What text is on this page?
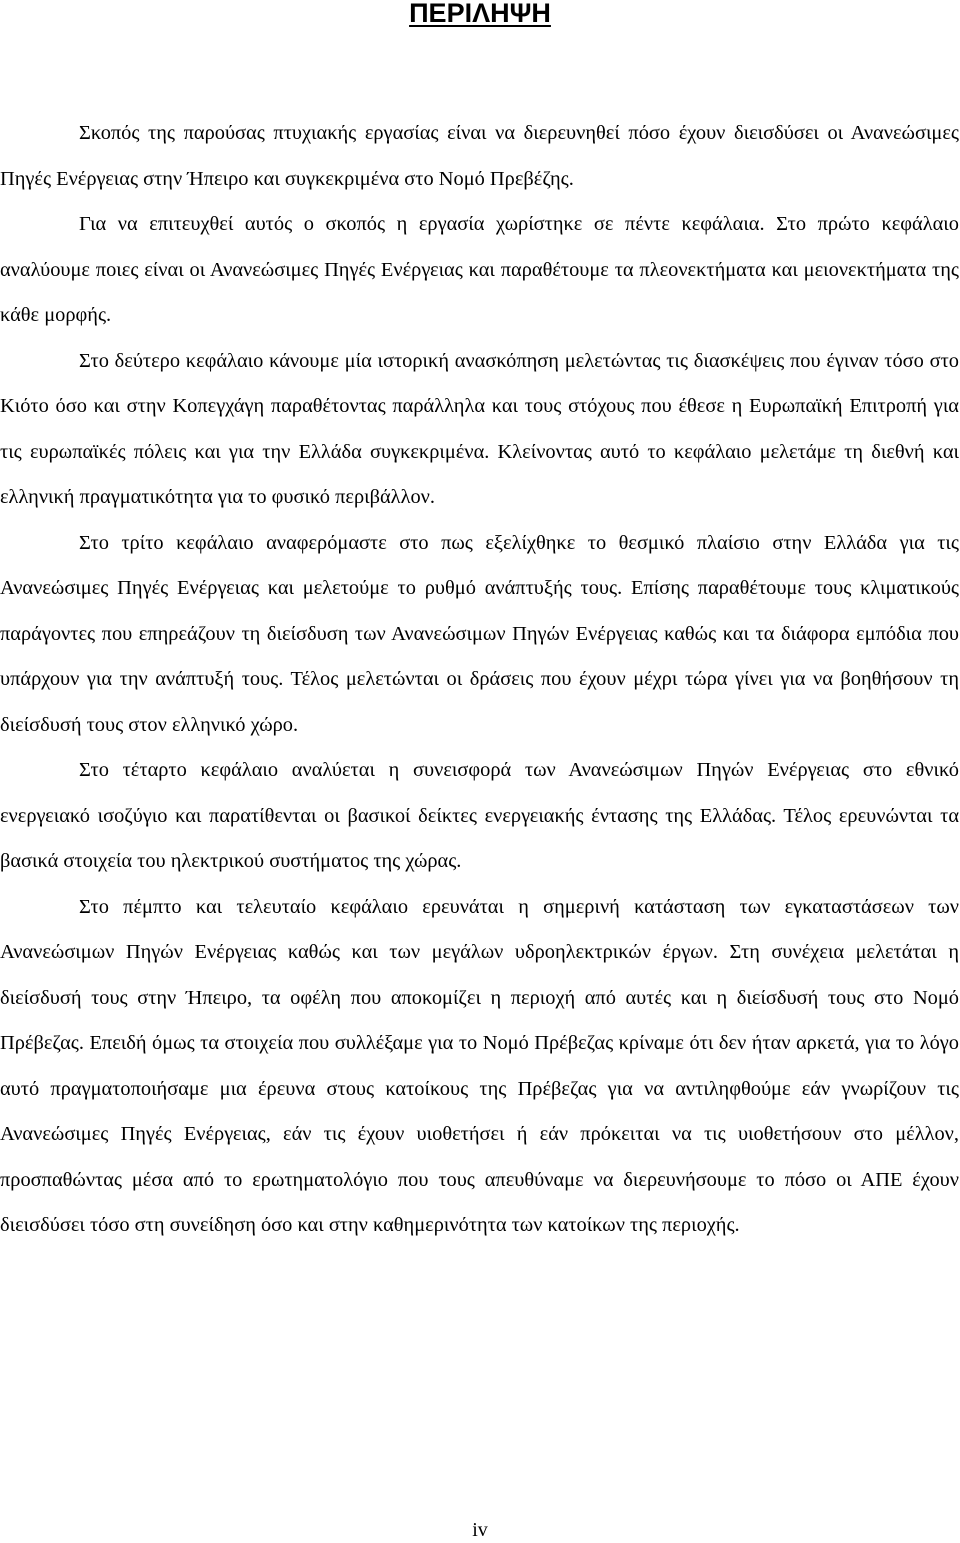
ΠΕΡΙΛΗΨΗ

Σκοπός της παρούσας πτυχιακής εργασίας είναι να διερευνηθεί πόσο έχουν διεισδύσει οι Ανανεώσιμες Πηγές Ενέργειας στην Ήπειρο και συγκεκριμένα στο Νομό Πρεβέζης.

Για να επιτευχθεί αυτός ο σκοπός η εργασία χωρίστηκε σε πέντε κεφάλαια. Στο πρώτο κεφάλαιο αναλύουμε ποιες είναι οι Ανανεώσιμες Πηγές Ενέργειας και παραθέτουμε τα πλεονεκτήματα και μειονεκτήματα της κάθε μορφής.

Στο δεύτερο κεφάλαιο κάνουμε μία ιστορική ανασκόπηση μελετώντας τις διασκέψεις που έγιναν τόσο στο Κιότο όσο και στην Κοπεγχάγη παραθέτοντας παράλληλα και τους στόχους που έθεσε η Ευρωπαϊκή Επιτροπή για τις ευρωπαϊκές πόλεις και για την Ελλάδα συγκεκριμένα. Κλείνοντας αυτό το κεφάλαιο μελετάμε τη διεθνή και ελληνική πραγματικότητα για το φυσικό περιβάλλον.

Στο τρίτο κεφάλαιο αναφερόμαστε στο πως εξελίχθηκε το θεσμικό πλαίσιο στην Ελλάδα για τις Ανανεώσιμες Πηγές Ενέργειας και μελετούμε το ρυθμό ανάπτυξής τους. Επίσης παραθέτουμε τους κλιματικούς παράγοντες που επηρεάζουν τη διείσδυση των Ανανεώσιμων Πηγών Ενέργειας καθώς και τα διάφορα εμπόδια που υπάρχουν για την ανάπτυξή τους. Τέλος μελετώνται οι δράσεις που έχουν μέχρι τώρα γίνει για να βοηθήσουν τη διείσδυσή τους στον ελληνικό χώρο.

Στο τέταρτο κεφάλαιο αναλύεται η συνεισφορά των Ανανεώσιμων Πηγών Ενέργειας στο εθνικό ενεργειακό ισοζύγιο και παρατίθενται οι βασικοί δείκτες ενεργειακής έντασης της Ελλάδας. Τέλος ερευνώνται τα βασικά στοιχεία του ηλεκτρικού συστήματος της χώρας.

Στο πέμπτο και τελευταίο κεφάλαιο ερευνάται η σημερινή κατάσταση των εγκαταστάσεων των Ανανεώσιμων Πηγών Ενέργειας καθώς και των μεγάλων υδροηλεκτρικών έργων. Στη συνέχεια μελετάται η διείσδυσή τους στην Ήπειρο, τα οφέλη που αποκομίζει η περιοχή από αυτές και η διείσδυσή τους στο Νομό Πρέβεζας. Επειδή όμως τα στοιχεία που συλλέξαμε για το Νομό Πρέβεζας κρίναμε ότι δεν ήταν αρκετά, για το λόγο αυτό πραγματοποιήσαμε μια έρευνα στους κατοίκους της Πρέβεζας για να αντιληφθούμε εάν γνωρίζουν τις Ανανεώσιμες Πηγές Ενέργειας, εάν τις έχουν υιοθετήσει ή εάν πρόκειται να τις υιοθετήσουν στο μέλλον, προσπαθώντας μέσα από το ερωτηματολόγιο που τους απευθύναμε να διερευνήσουμε το πόσο οι ΑΠΕ έχουν διεισδύσει τόσο στη συνείδηση όσο και στην καθημερινότητα των κατοίκων της περιοχής.

iv
